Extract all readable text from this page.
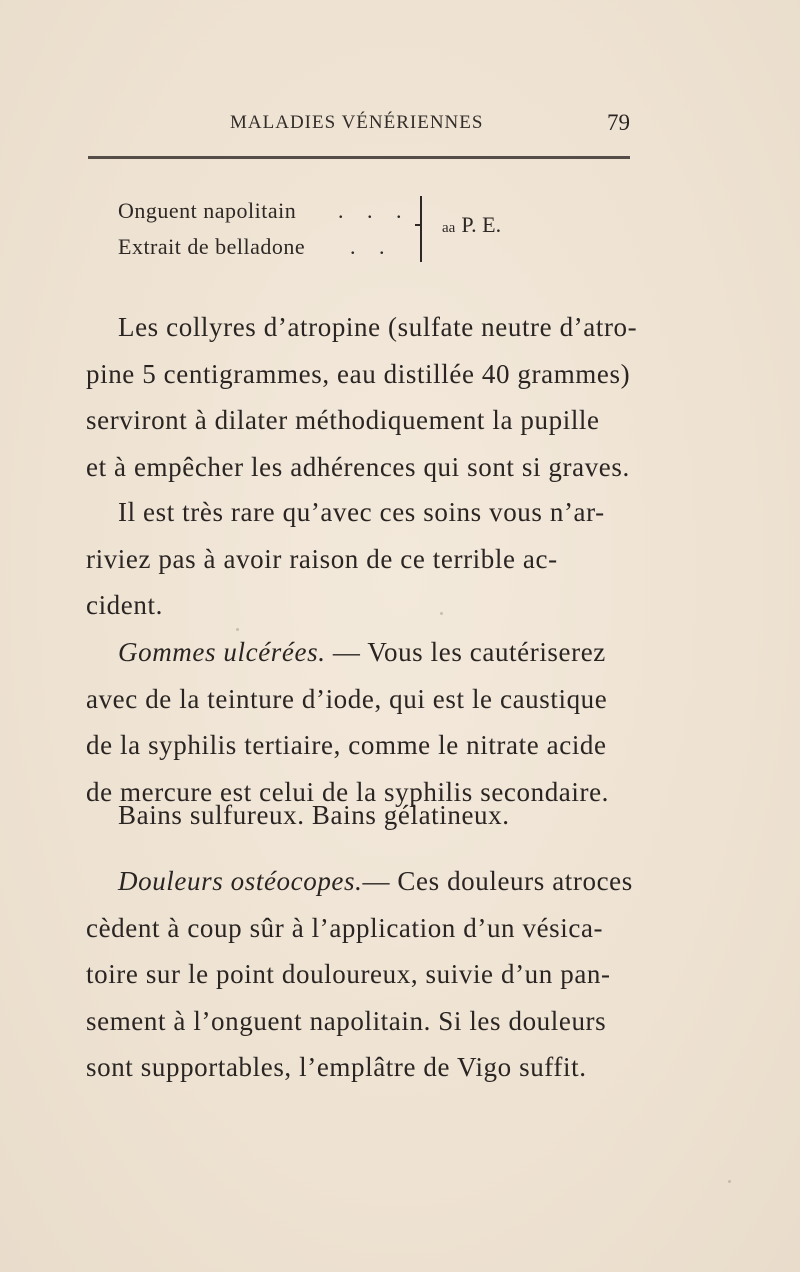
MALADIES VÉNÉRIENNES	79
Onguent napolitain . . .
Extrait de belladone . .
aa P. E.
Les collyres d’atropine (sulfate neutre d’atro-
pine 5 centigrammes, eau distillée 40 grammes)
serviront à dilater méthodiquement la pupille
et à empêcher les adhérences qui sont si graves.
Il est très rare qu’avec ces soins vous n’ar-
riviez pas à avoir raison de ce terrible ac-
cident.
Gommes ulcérées. — Vous les cautériserez
avec de la teinture d’iode, qui est le caustique
de la syphilis tertiaire, comme le nitrate acide
de mercure est celui de la syphilis secondaire.
Bains sulfureux. Bains gélatineux.
Douleurs ostéocopes.— Ces douleurs atroces
cèdent à coup sûr à l’application d’un vésica-
toire sur le point douloureux, suivie d’un pan-
sement à l’onguent napolitain. Si les douleurs
sont supportables, l’emplâtre de Vigo suffit.
